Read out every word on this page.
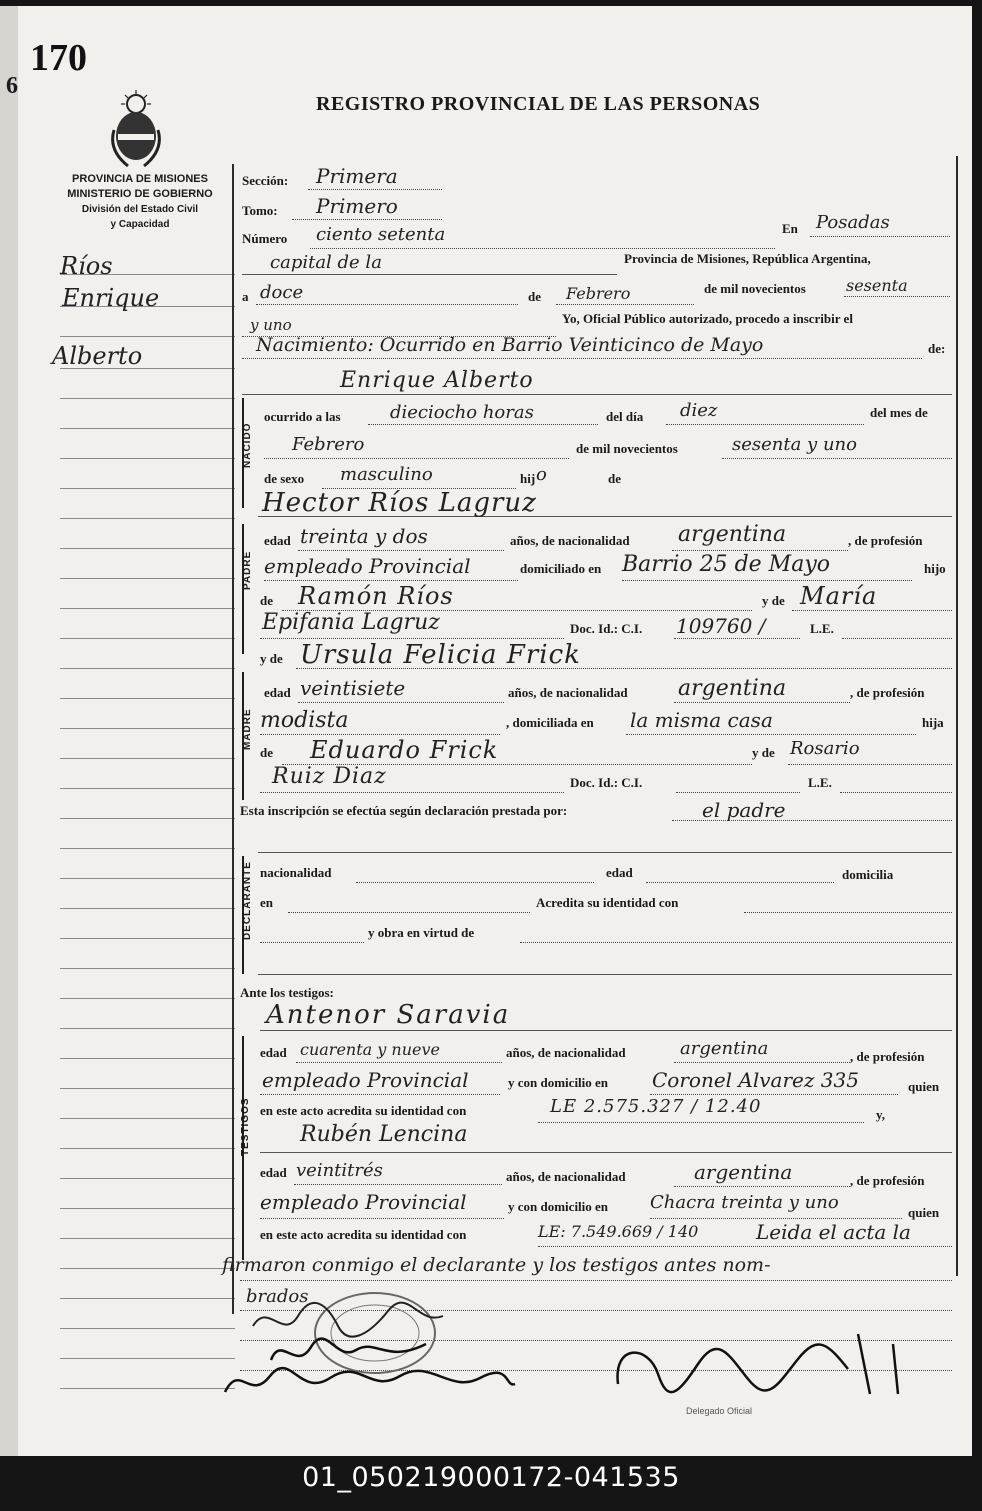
6
170
REGISTRO PROVINCIAL DE LAS PERSONAS
PROVINCIA DE MISIONES
MINISTERIO DE GOBIERNO
División del Estado Civil
y Capacidad
Ríos
Enrique
Alberto
Sección: Primera
Tomo: Primero
Número ciento setenta	En Posadas
capital de la	Provincia de Misiones, República Argentina,
a doce	de Febrero	de mil novecientos	sesenta
y uno	Yo, Oficial Público autorizado, procedo a inscribir el
Nacimiento: Ocurrido en Barrio Veinticinco de Mayo	de:
Enrique Alberto
NACIDO
ocurrido a las	dieciocho horas	del día diez	del mes de
Febrero	de mil novecientos	sesenta y uno
de sexo masculino	hij o	de
Hector Ríos Lagruz
PADRE
edad treinta y dos	años, de nacionalidad argentina	, de profesión
empleado Provincial	domiciliado en Barrio 25 de Mayo	hijo
de Ramón Ríos	y de María
Epifania Lagruz	Doc. Id.: C.I. 109760 /	L.E.
y de Ursula Felicia Frick
MADRE
edad veintisiete	años, de nacionalidad argentina	, de profesión
modista	, domiciliada en la misma casa	hija
de Eduardo Frick	y de Rosario
Ruiz Diaz	Doc. Id.: C.I.	L.E.
Esta inscripción se efectúa según declaración prestada por:	el padre
DECLARANTE nacionalidad	edad	domicilia
en	Acredita su identidad con
y obra en virtud de
Ante los testigos:
Antenor Saravia
TESTIGOS
edad cuarenta y nueve	años, de nacionalidad	argentina	, de profesión
empleado Provincial	y con domicilio en Coronel Alvarez 335	quien
en este acto acredita su identidad con	LE 2.575.327 / 12.40	y,
Rubén Lencina
edad veintitrés	años, de nacionalidad	argentina	, de profesión
empleado Provincial	y con domicilio en Chacra treinta y uno	quien
en este acto acredita su identidad con	LE: 7.549.669 / 140	Leida el acta la
firmaron conmigo el declarante y los testigos antes nom-
brados
Delegado Oficial
01_050219000172-041535
